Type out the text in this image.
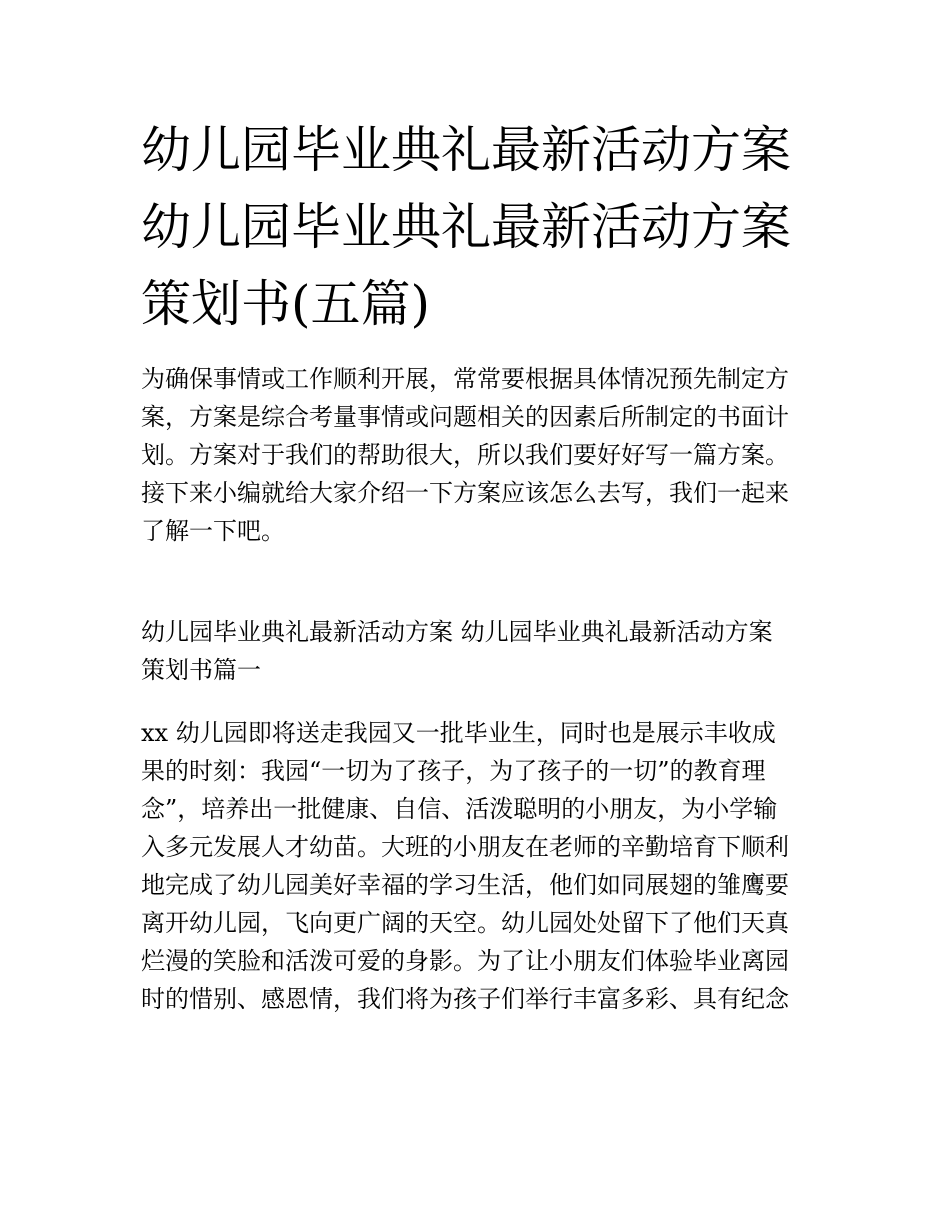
幼儿园毕业典礼最新活动方案
幼儿园毕业典礼最新活动方案
策划书(五篇)

为确保事情或工作顺利开展，常常要根据具体情况预先制定方
案，方案是综合考量事情或问题相关的因素后所制定的书面计
划。方案对于我们的帮助很大，所以我们要好好写一篇方案。
接下来小编就给大家介绍一下方案应该怎么去写，我们一起来
了解一下吧。

幼儿园毕业典礼最新活动方案 幼儿园毕业典礼最新活动方案
策划书篇一

xx 幼儿园即将送走我园又一批毕业生，同时也是展示丰收成
果的时刻：我园“一切为了孩子，为了孩子的一切”的教育理
念”，培养出一批健康、自信、活泼聪明的小朋友，为小学输
入多元发展人才幼苗。大班的小朋友在老师的辛勤培育下顺利
地完成了幼儿园美好幸福的学习生活，他们如同展翅的雏鹰要
离开幼儿园，飞向更广阔的天空。幼儿园处处留下了他们天真
烂漫的笑脸和活泼可爱的身影。为了让小朋友们体验毕业离园
时的惜别、感恩情，我们将为孩子们举行丰富多彩、具有纪念
